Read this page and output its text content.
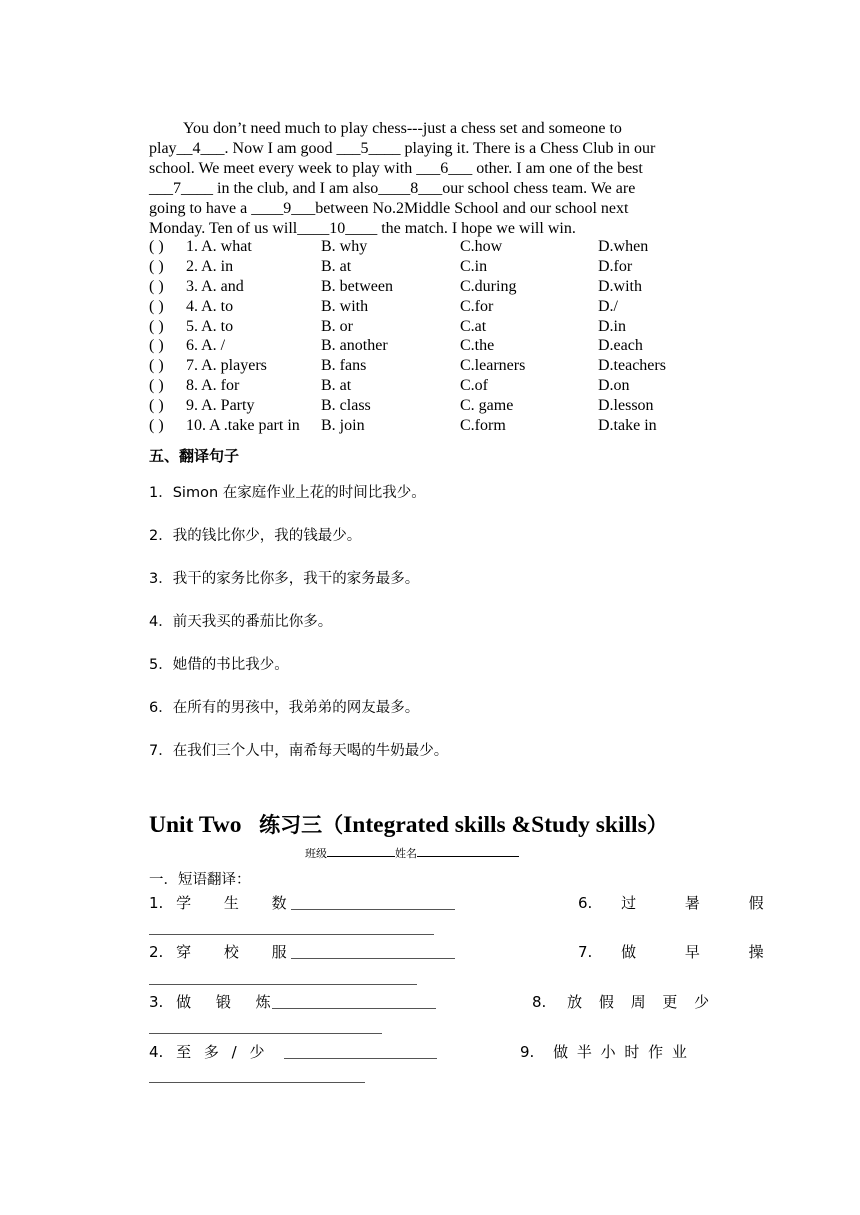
You don’t need much to play chess---just a chess set and someone to
play__4___. Now I am good ___5____ playing it. There is a Chess Club in our
school. We meet every week to play with ___6___ other. I am one of the best
___7____ in the club, and I am also____8___our school chess team. We are
going to have a ____9___between No.2Middle School and our school next
Monday. Ten of us will____10____ the match. I hope we will win.
( ) 1. A. what	B. why	C.how	D.when
( ) 2. A. in	B. at	C.in	D.for
( ) 3. A. and	B. between	C.during	D.with
( ) 4. A. to	B. with	C.for	D./
( ) 5. A. to	B. or	C.at	D.in
( ) 6. A. /	B. another	C.the	D.each
( ) 7. A. players	B. fans	C.learners	D.teachers
( ) 8. A. for	B. at	C.of	D.on
( ) 9. A. Party	B. class	C. game	D.lesson
( ) 10. A .take part in B. join	C.form	D.take in
五、翻译句子
1．Simon 在家庭作业上花的时间比我少。
2．我的钱比你少，我的钱最少。
3．我干的家务比你多，我干的家务最多。
4．前天我买的番茄比你多。
5．她借的书比我少。
6．在所有的男孩中，我弟弟的网友最多。
7．在我们三个人中，南希每天喝的牛奶最少。
Unit Two 练习三（Integrated skills &Study skills）
班级	姓名
一．短语翻译：
1. 学 生 数	6. 过 暑 假
2. 穿 校 服	7. 做 早 操
3. 做 锻 炼	8. 放 假 周 更 少
4. 至 多 / 少	9. 做 半 小 时 作 业
